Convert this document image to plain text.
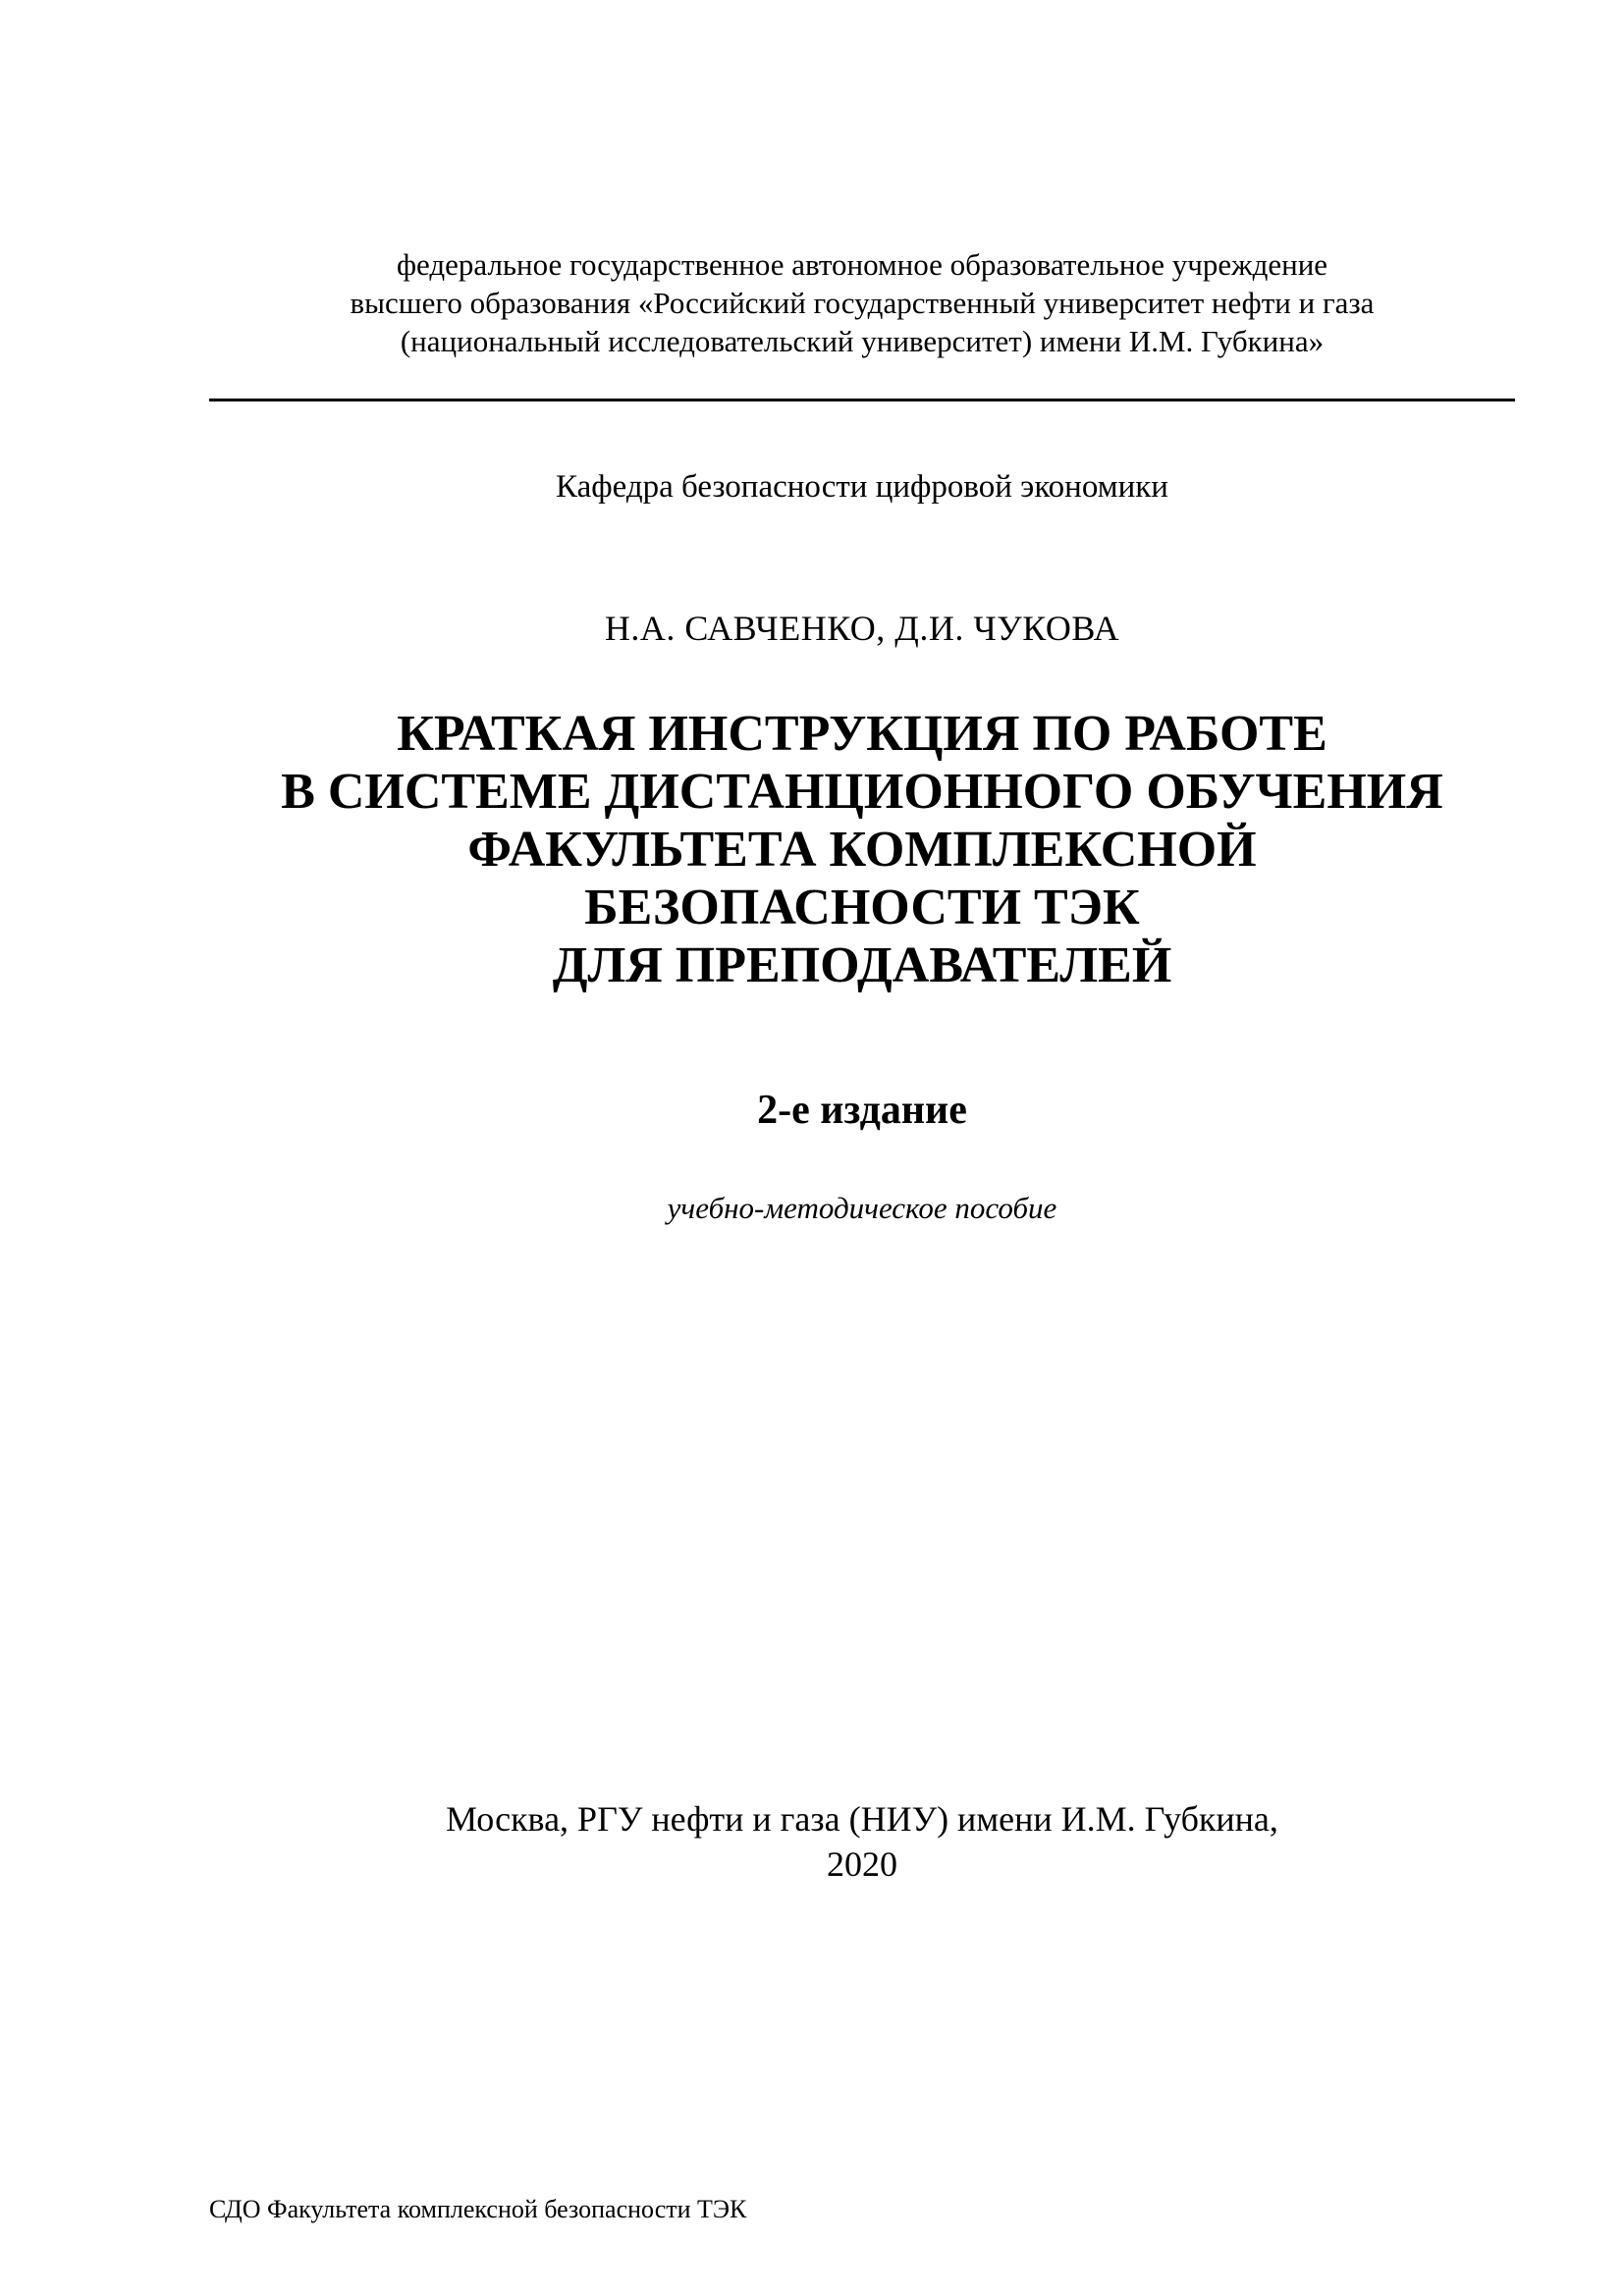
федеральное государственное автономное образовательное учреждение
высшего образования «Российский государственный университет нефти и газа
(национальный исследовательский университет) имени И.М. Губкина»
Кафедра безопасности цифровой экономики
Н.А. САВЧЕНКО, Д.И. ЧУКОВА
КРАТКАЯ ИНСТРУКЦИЯ ПО РАБОТЕ
В СИСТЕМЕ ДИСТАНЦИОННОГО ОБУЧЕНИЯ
ФАКУЛЬТЕТА КОМПЛЕКСНОЙ
БЕЗОПАСНОСТИ ТЭК
ДЛЯ ПРЕПОДАВАТЕЛЕЙ
2-е издание
учебно-методическое пособие
Москва, РГУ нефти и газа (НИУ) имени И.М. Губкина,
2020
СДО Факультета комплексной безопасности ТЭК
